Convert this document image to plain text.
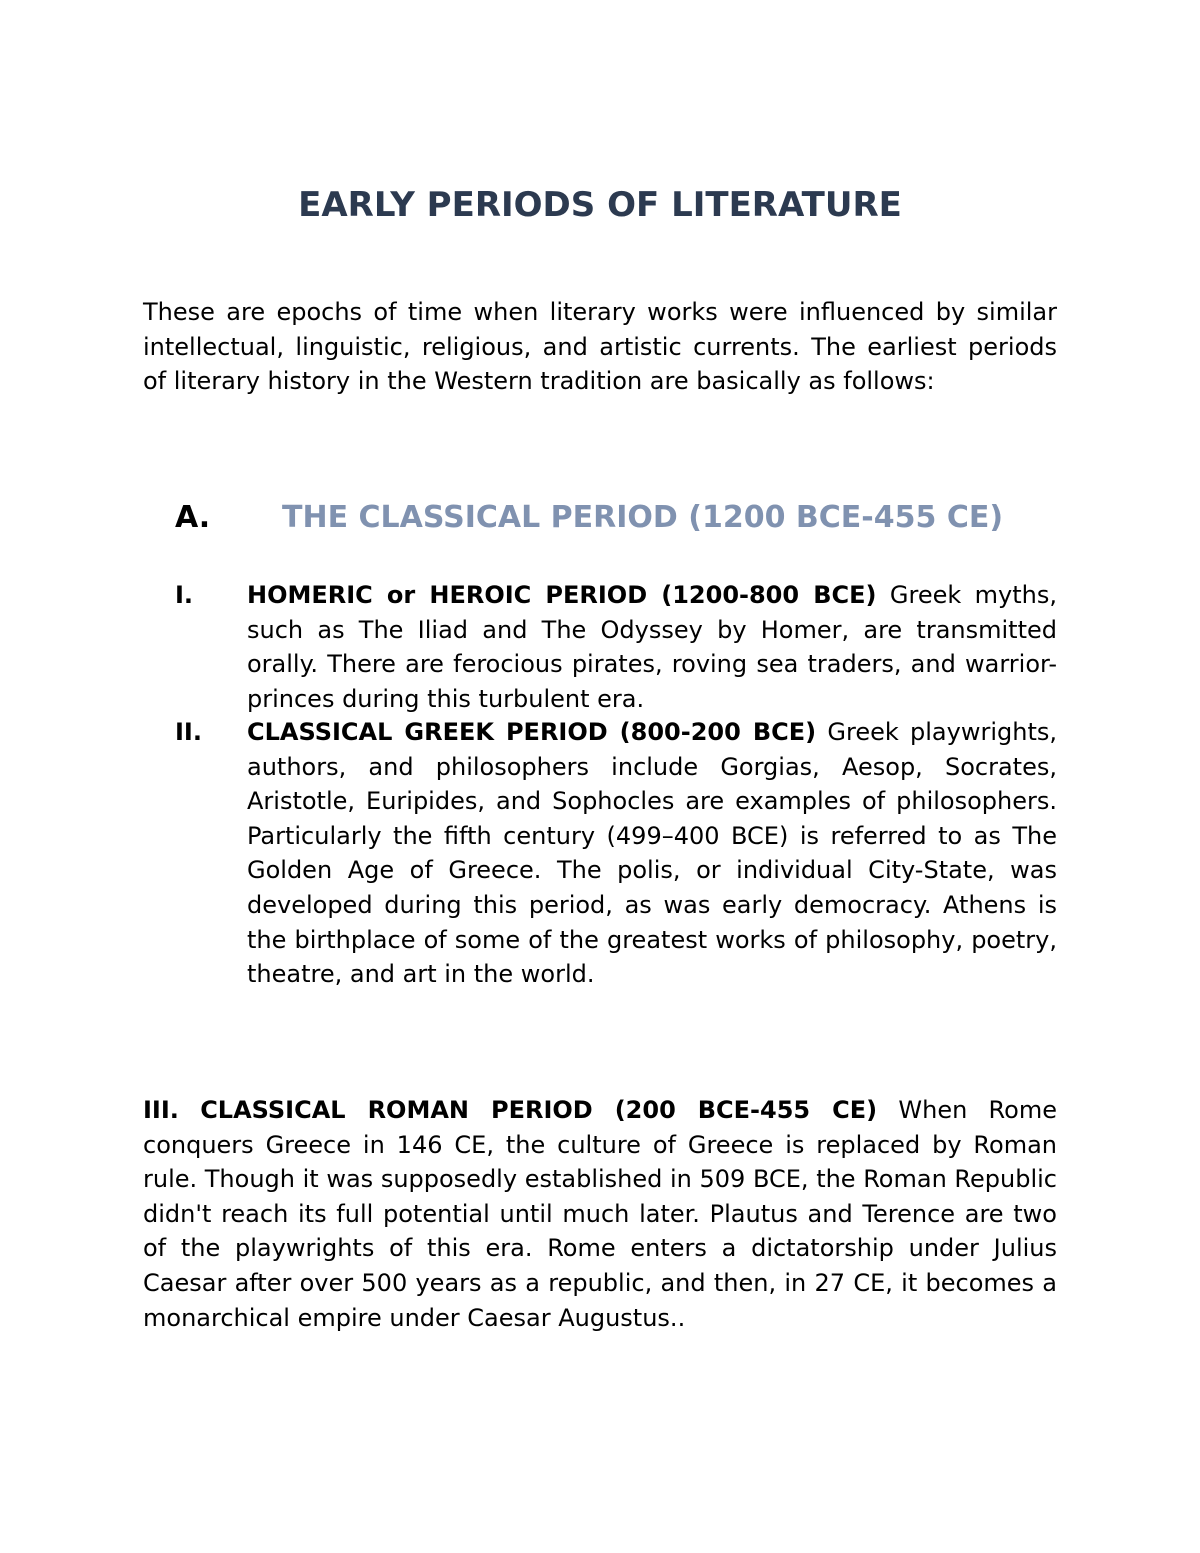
EARLY PERIODS OF LITERATURE

These are epochs of time when literary works were influenced by similar intellectual, linguistic, religious, and artistic currents. The earliest periods of literary history in the Western tradition are basically as follows:

A. THE CLASSICAL PERIOD (1200 BCE-455 CE)
I. HOMERIC or HEROIC PERIOD (1200-800 BCE) Greek myths, such as The Iliad and The Odyssey by Homer, are transmitted orally. There are ferocious pirates, roving sea traders, and warrior-princes during this turbulent era.

II. CLASSICAL GREEK PERIOD (800-200 BCE) Greek playwrights, authors, and philosophers include Gorgias, Aesop, Socrates, Aristotle, Euripides, and Sophocles are examples of philosophers. Particularly the fifth century (499–400 BCE) is referred to as The Golden Age of Greece. The polis, or individual City-State, was developed during this period, as was early democracy. Athens is the birthplace of some of the greatest works of philosophy, poetry, theatre, and art in the world.

III. CLASSICAL ROMAN PERIOD (200 BCE-455 CE) When Rome conquers Greece in 146 CE, the culture of Greece is replaced by Roman rule. Though it was supposedly established in 509 BCE, the Roman Republic didn't reach its full potential until much later. Plautus and Terence are two of the playwrights of this era. Rome enters a dictatorship under Julius Caesar after over 500 years as a republic, and then, in 27 CE, it becomes a monarchical empire under Caesar Augustus..
